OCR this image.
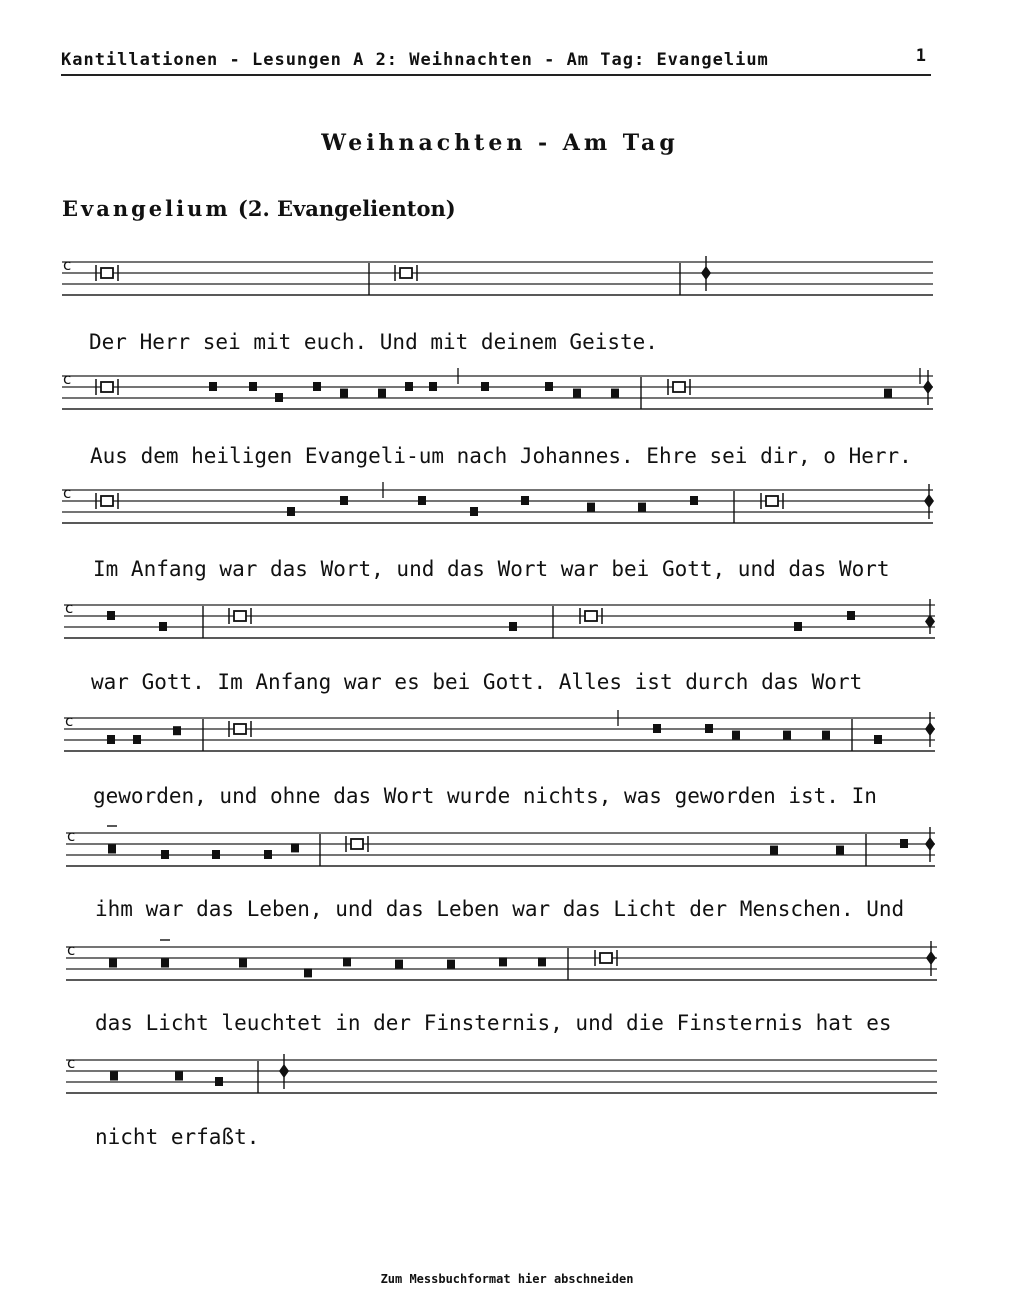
Kantillationen - Lesungen A 2: Weihnachten - Am Tag: Evangelium	1
Weihnachten - Am Tag
Evangelium (2. Evangelienton)
c
c
c
c
c
c
c
c
Der Herr sei mit euch. Und mit deinem Geiste.
Aus dem heiligen Evangeli-um nach Johannes. Ehre sei dir, o Herr.
Im Anfang war das Wort, und das Wort war bei Gott, und das Wort
war Gott. Im Anfang war es bei Gott. Alles ist durch das Wort
geworden, und ohne das Wort wurde nichts, was geworden ist. In
ihm war das Leben, und das Leben war das Licht der Menschen. Und
das Licht leuchtet in der Finsternis, und die Finsternis hat es
nicht erfaßt.
Zum Messbuchformat hier abschneiden
